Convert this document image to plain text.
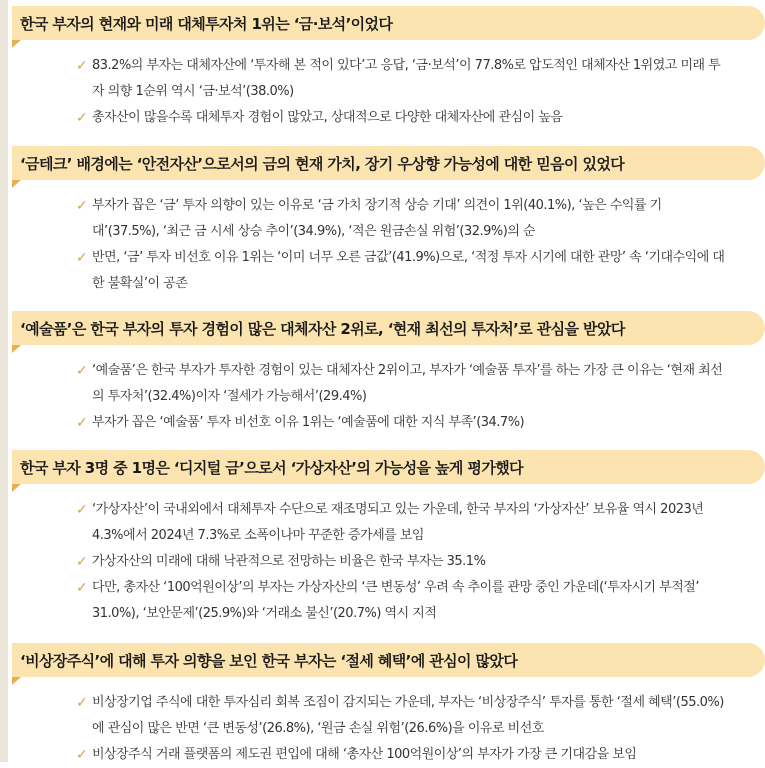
한국 부자의 현재와 미래 대체투자처 1위는 ‘금·보석’이었다
✓ 83.2%의 부자는 대체자산에 ‘투자해 본 적이 있다’고 응답, ‘금·보석’이 77.8%로 압도적인 대체자산 1위였고 미래 투자 의향 1순위 역시 ‘금·보석’(38.0%)
✓ 총자산이 많을수록 대체투자 경험이 많았고, 상대적으로 다양한 대체자산에 관심이 높음
‘금테크’ 배경에는 ‘안전자산’으로서의 금의 현재 가치, 장기 우상향 가능성에 대한 믿음이 있었다
✓ 부자가 꼽은 ‘금’ 투자 의향이 있는 이유로 ‘금 가치 장기적 상승 기대’ 의견이 1위(40.1%), ‘높은 수익률 기대’(37.5%), ‘최근 금 시세 상승 추이’(34.9%), ‘적은 원금손실 위험’(32.9%)의 순
✓ 반면, ‘금’ 투자 비선호 이유 1위는 ‘이미 너무 오른 금값’(41.9%)으로, ‘적정 투자 시기에 대한 관망’ 속 ‘기대수익에 대한 불확실’이 공존
‘예술품’은 한국 부자의 투자 경험이 많은 대체자산 2위로, ‘현재 최선의 투자처’로 관심을 받았다
✓ ‘예술품’은 한국 부자가 투자한 경험이 있는 대체자산 2위이고, 부자가 ‘예술품 투자’를 하는 가장 큰 이유는 ‘현재 최선의 투자처’(32.4%)이자 ‘절세가 가능해서’(29.4%)
✓ 부자가 꼽은 ‘예술품’ 투자 비선호 이유 1위는 ‘예술품에 대한 지식 부족’(34.7%)
한국 부자 3명 중 1명은 ‘디지털 금’으로서 ‘가상자산’의 가능성을 높게 평가했다
✓ ‘가상자산’이 국내외에서 대체투자 수단으로 재조명되고 있는 가운데, 한국 부자의 ‘가상자산’ 보유율 역시 2023년 4.3%에서 2024년 7.3%로 소폭이나마 꾸준한 증가세를 보임
✓ 가상자산의 미래에 대해 낙관적으로 전망하는 비율은 한국 부자는 35.1%
✓ 다만, 총자산 ‘100억원이상’의 부자는 가상자산의 ‘큰 변동성’ 우려 속 추이를 관망 중인 가운데(‘투자시기 부적절’ 31.0%), ‘보안문제’(25.9%)와 ‘거래소 불신’(20.7%) 역시 지적
‘비상장주식’에 대해 투자 의향을 보인 한국 부자는 ‘절세 혜택’에 관심이 많았다
✓ 비상장기업 주식에 대한 투자심리 회복 조짐이 감지되는 가운데, 부자는 ‘비상장주식’ 투자를 통한 ‘절세 혜택’(55.0%)에 관심이 많은 반면 ‘큰 변동성’(26.8%), ‘원금 손실 위험’(26.6%)을 이유로 비선호
✓ 비상장주식 거래 플랫폼의 제도권 편입에 대해 ‘총자산 100억원이상’의 부자가 가장 큰 기대감을 보임
